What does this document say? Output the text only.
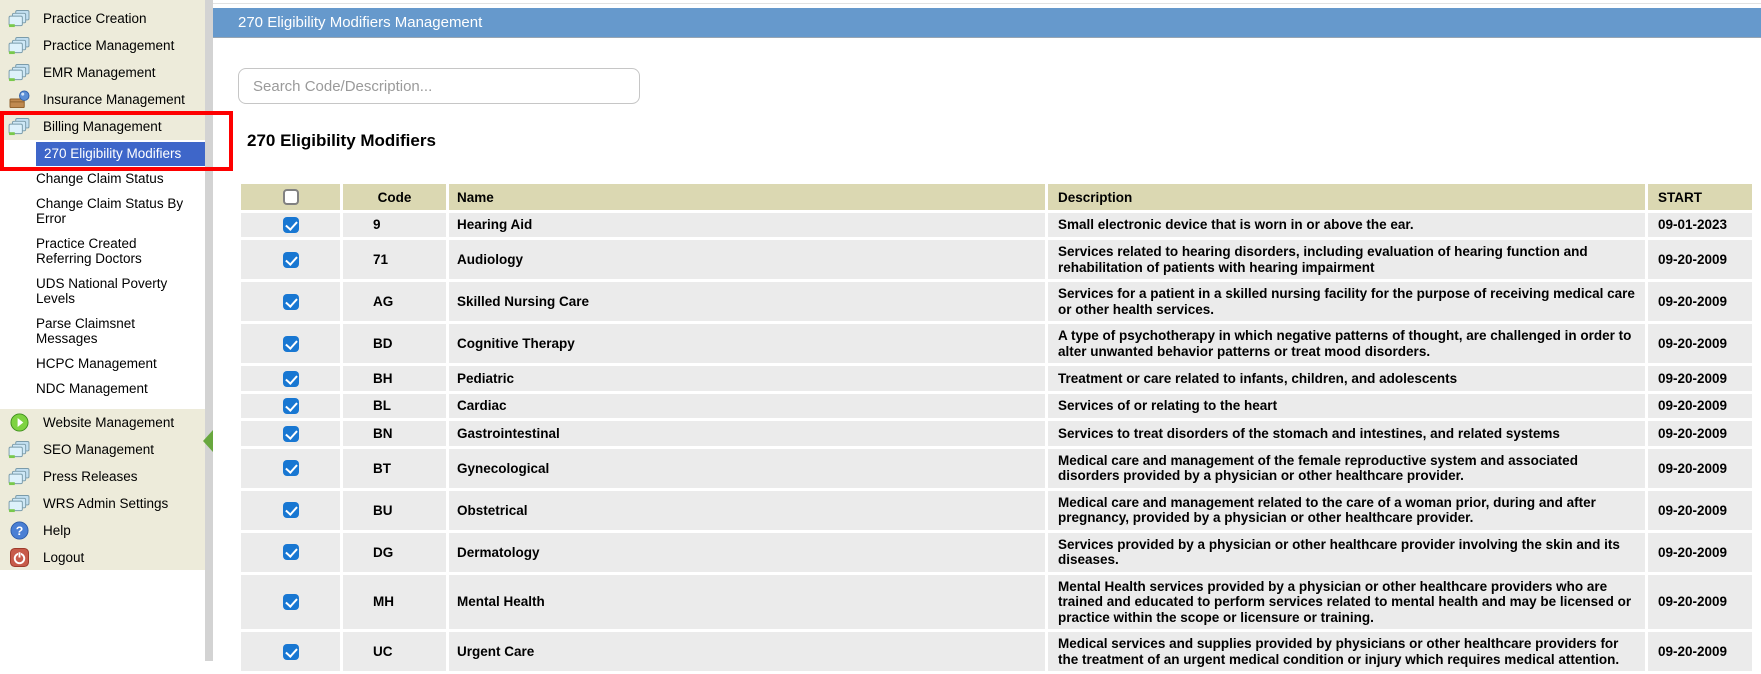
Practice Creation
Practice Management
EMR Management
Insurance Management
Billing Management
270 Eligibility Modifiers
Change Claim Status
Change Claim Status By Error
Practice Created Referring Doctors
UDS National Poverty Levels
Parse Claimsnet Messages
HCPC Management
NDC Management
Website Management
SEO Management
Press Releases
WRS Admin Settings
? Help
Logout
270 Eligibility Modifiers Management
Search Code/Description...
270 Eligibility Modifiers
	Code	Name	Description	START
	9	Hearing Aid	Small electronic device that is worn in or above the ear.	09-01-2023
	71	Audiology	Services related to hearing disorders, including evaluation of hearing function and rehabilitation of patients with hearing impairment	09-20-2009
	AG	Skilled Nursing Care	Services for a patient in a skilled nursing facility for the purpose of receiving medical care or other health services.	09-20-2009
	BD	Cognitive Therapy	A type of psychotherapy in which negative patterns of thought, are challenged in order to alter unwanted behavior patterns or treat mood disorders.	09-20-2009
	BH	Pediatric	Treatment or care related to infants, children, and adolescents	09-20-2009
	BL	Cardiac	Services of or relating to the heart	09-20-2009
	BN	Gastrointestinal	Services to treat disorders of the stomach and intestines, and related systems	09-20-2009
	BT	Gynecological	Medical care and management of the female reproductive system and associated disorders provided by a physician or other healthcare provider.	09-20-2009
	BU	Obstetrical	Medical care and management related to the care of a woman prior, during and after pregnancy, provided by a physician or other healthcare provider.	09-20-2009
	DG	Dermatology	Services provided by a physician or other healthcare provider involving the skin and its diseases.	09-20-2009
	MH	Mental Health	Mental Health services provided by a physician or other healthcare providers who are trained and educated to perform services related to mental health and may be licensed or practice within the scope or licensure or training.	09-20-2009
	UC	Urgent Care	Medical services and supplies provided by physicians or other healthcare providers for the treatment of an urgent medical condition or injury which requires medical attention.	09-20-2009
